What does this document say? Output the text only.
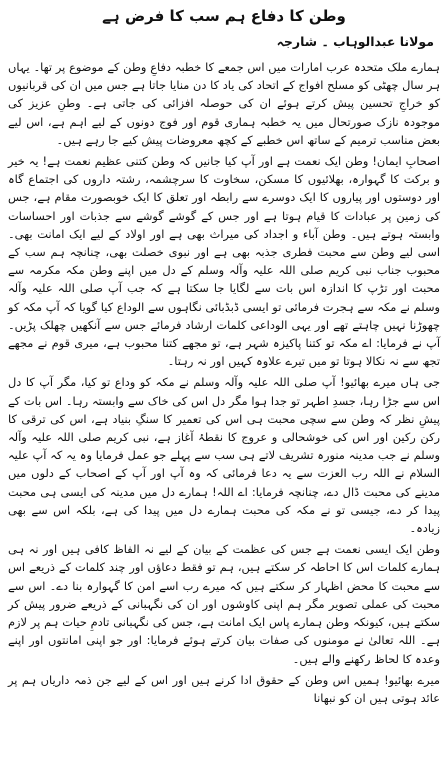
وطن کا دفاع ہم سب کا فرض ہے
مولانا عبدالوہاب ۔ شارجہ
ہمارے ملک متحدہ عرب امارات میں اس جمعے کا خطبہ دفاعِ وطن کے موضوع پر تھا۔ یہاں ہر سال چھٹی کو مسلح افواج کے اتحاد کی یاد کا دن منایا جاتا ہے جس میں ان کی قربانیوں کو خراجِ تحسین پیش کرتے ہوئے ان کی حوصلہ افزائی کی جاتی ہے۔ وطنِ عزیز کی موجودہ نازک صورتحال میں یہ خطبہ ہماری قوم اور فوج دونوں کے لیے اہم ہے، اس لیے بعض مناسب ترمیم کے ساتھ اس خطبے کے کچھ معروضات پیش کیے جا رہے ہیں۔
اصحابِ ایمان! وطن ایک نعمت ہے اور آپ کیا جانیں کہ وطن کتنی عظیم نعمت ہے! یہ خیر و برکت کا گہوارہ، بھلائیوں کا مسکن، سخاوت کا سرچشمہ، رشتہ داروں کی اجتماع گاہ اور دوستوں اور پیاروں کا ایک دوسرے سے رابطہ اور تعلق کا ایک خوبصورت مقام ہے، جس کی زمین پر عبادات کا قیام ہوتا ہے اور جس کے گوشے گوشے سے جذبات اور احساسات وابستہ ہوتے ہیں۔ وطن آباء و اجداد کی میراث بھی ہے اور اولاد کے لیے ایک امانت بھی۔ اسی لیے وطن سے محبت فطری جذبہ بھی ہے اور نبوی خصلت بھی، چنانچہ ہم سب کے محبوب جناب نبی کریم صلی اللہ علیہ وآلہ وسلم کے دل میں اپنے وطن مکہ مکرمہ سے محبت اور تڑپ کا اندازہ اس بات سے لگایا جا سکتا ہے کہ جب آپ صلی اللہ علیہ وآلہ وسلم نے مکہ سے ہجرت فرمائی تو ایسی ڈبڈبائی نگاہوں سے الوداع کیا گویا کہ آپ مکہ کو چھوڑنا نہیں چاہتے تھے اور یہی الوداعی کلمات ارشاد فرمائے جس سے آنکھیں چھلک پڑیں۔ آپ نے فرمایا: اے مکہ تو کتنا پاکیزہ شہر ہے، تو مجھے کتنا محبوب ہے، میری قوم نے مجھے تجھ سے نہ نکالا ہوتا تو میں تیرے علاوہ کہیں اور نہ رہتا۔
جی ہاں میرے بھائیو! آپ صلی اللہ علیہ وآلہ وسلم نے مکہ کو وداع تو کیا، مگر آپ کا دل اس سے جڑا رہا، جسدِ اطہر تو جدا ہوا مگر دل اس کی خاک سے وابستہ رہا۔ اس بات کے پیشِ نظر کہ وطن سے سچی محبت ہی اس کی تعمیر کا سنگِ بنیاد ہے، اس کی ترقی کا رکن رکین اور اس کی خوشحالی و عروج کا نقطۂ آغاز ہے، نبی کریم صلی اللہ علیہ وآلہ وسلم نے جب مدینہ منورہ تشریف لاتے ہی سب سے پہلے جو عمل فرمایا وہ یہ کہ آپ علیہ السلام نے اللہ رب العزت سے یہ دعا فرمائی کہ وہ آپ اور آپ کے اصحاب کے دلوں میں مدینے کی محبت ڈال دے، چنانچہ فرمایا: اے اللہ! ہمارے دل میں مدینہ کی ایسی ہی محبت پیدا کر دے، جیسی تو نے مکہ کی محبت ہمارے دل میں پیدا کی ہے، بلکہ اس سے بھی زیادہ۔
وطن ایک ایسی نعمت ہے جس کی عظمت کے بیان کے لیے نہ الفاظ کافی ہیں اور نہ ہی ہمارے کلمات اس کا احاطہ کر سکتے ہیں، ہم تو فقط دعاؤں اور چند کلمات کے ذریعے اس سے محبت کا محض اظہار کر سکتے ہیں کہ میرے رب اسے امن کا گہوارہ بنا دے۔ اس سے محبت کی عملی تصویر مگر ہم اپنی کاوشوں اور ان کی نگہبانی کے ذریعے ضرور پیش کر سکتے ہیں، کیونکہ وطن ہمارے پاس ایک امانت ہے، جس کی نگہبانی تادمِ حیات ہم پر لازم ہے۔ اللہ تعالیٰ نے مومنوں کی صفات بیان کرتے ہوئے فرمایا: اور جو اپنی امانتوں اور اپنے وعدہ کا لحاظ رکھنے والے ہیں۔
میرے بھائیو! ہمیں اس وطن کے حقوق ادا کرنے ہیں اور اس کے لیے جن ذمہ داریاں ہم پر عائد ہوتی ہیں ان کو نبھانا
